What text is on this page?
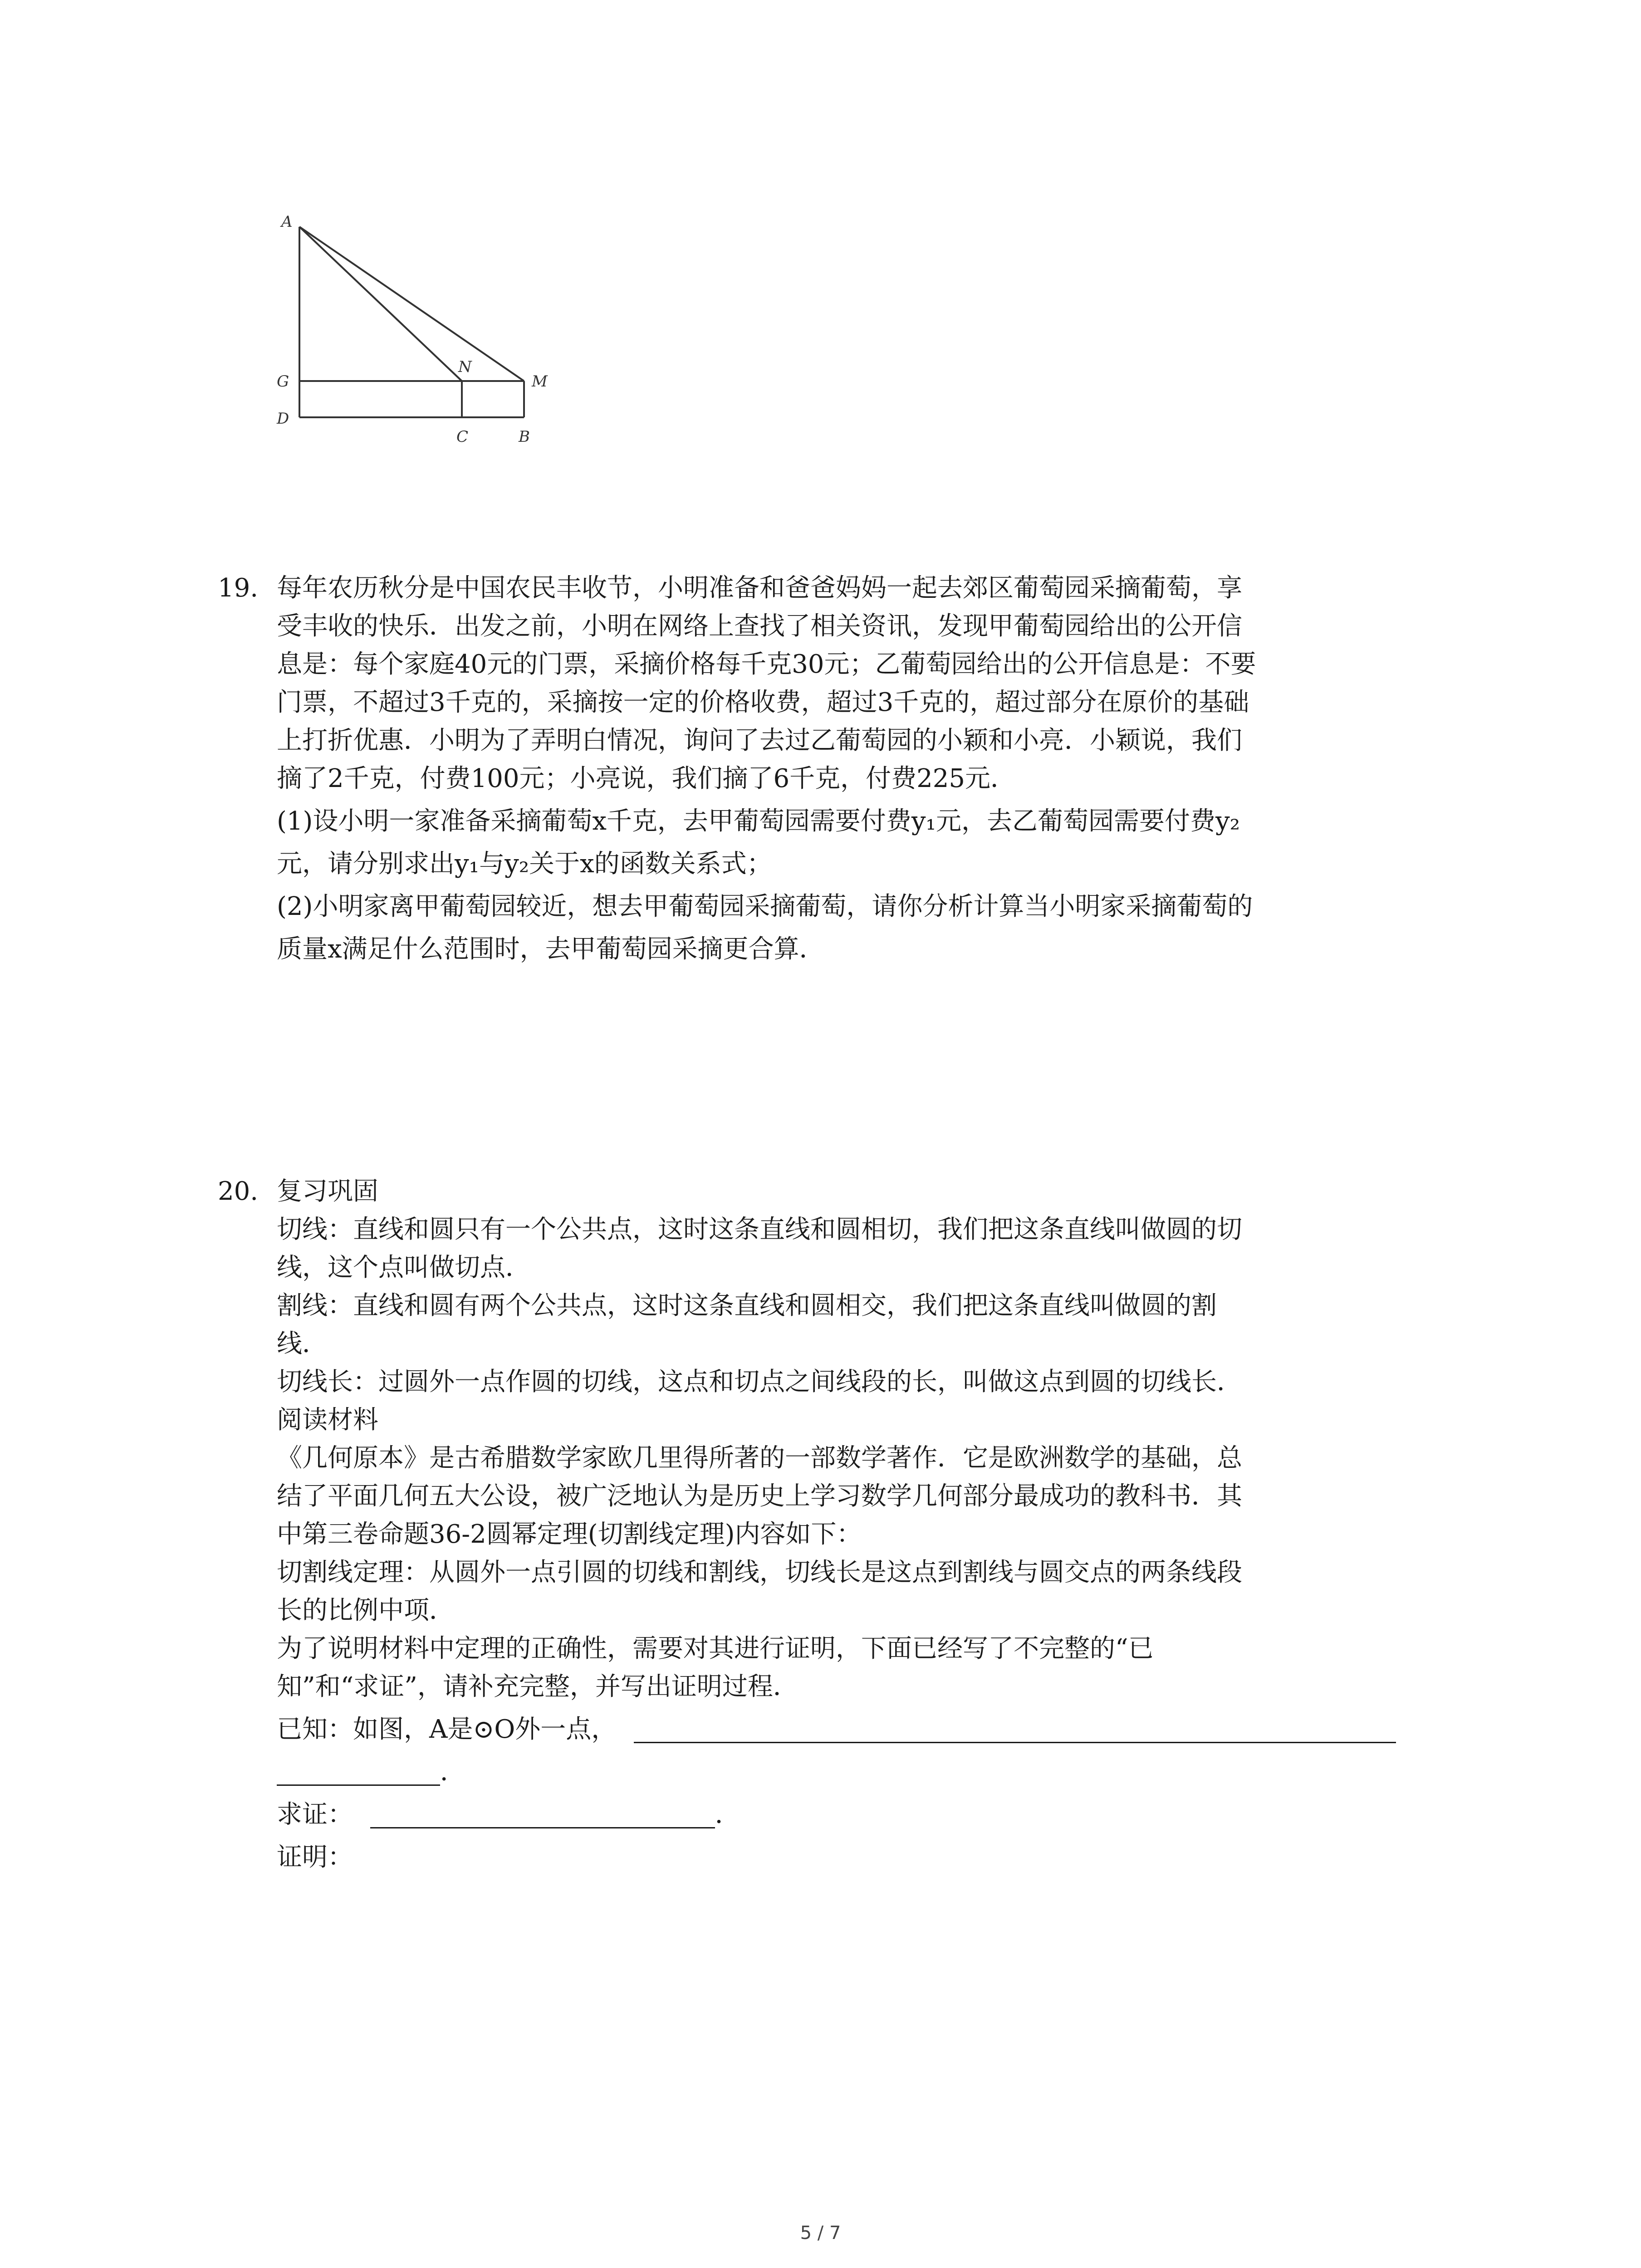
A
G
N
M
D
C	B
19. 每年农历秋分是中国农民丰收节，小明准备和爸爸妈妈一起去郊区葡萄园采摘葡萄，享
受丰收的快乐．出发之前，小明在网络上查找了相关资讯，发现甲葡萄园给出的公开信
息是：每个家庭40元的门票，采摘价格每千克30元；乙葡萄园给出的公开信息是：不要
门票，不超过3千克的，采摘按一定的价格收费，超过3千克的，超过部分在原价的基础
上打折优惠．小明为了弄明白情况，询问了去过乙葡萄园的小颖和小亮．小颖说，我们
摘了2千克，付费100元；小亮说，我们摘了6千克，付费225元．
(1)设小明一家准备采摘葡萄x千克，去甲葡萄园需要付费y₁元，去乙葡萄园需要付费y₂
元，请分别求出y₁与y₂关于x的函数关系式；
(2)小明家离甲葡萄园较近，想去甲葡萄园采摘葡萄，请你分析计算当小明家采摘葡萄的
质量x满足什么范围时，去甲葡萄园采摘更合算．
20. 复习巩固
切线：直线和圆只有一个公共点，这时这条直线和圆相切，我们把这条直线叫做圆的切
线，这个点叫做切点．
割线：直线和圆有两个公共点，这时这条直线和圆相交，我们把这条直线叫做圆的割
线．
切线长：过圆外一点作圆的切线，这点和切点之间线段的长，叫做这点到圆的切线长．
阅读材料
《几何原本》是古希腊数学家欧几里得所著的一部数学著作．它是欧洲数学的基础，总
结了平面几何五大公设，被广泛地认为是历史上学习数学几何部分最成功的教科书．其
中第三卷命题36-2圆幂定理(切割线定理)内容如下：
切割线定理：从圆外一点引圆的切线和割线，切线长是这点到割线与圆交点的两条线段
长的比例中项．
为了说明材料中定理的正确性，需要对其进行证明，下面已经写了不完整的“已
知”和“求证”，请补充完整，并写出证明过程．
已知：如图，A是⊙O外一点，
．
求证：	．
证明：
5 / 7
